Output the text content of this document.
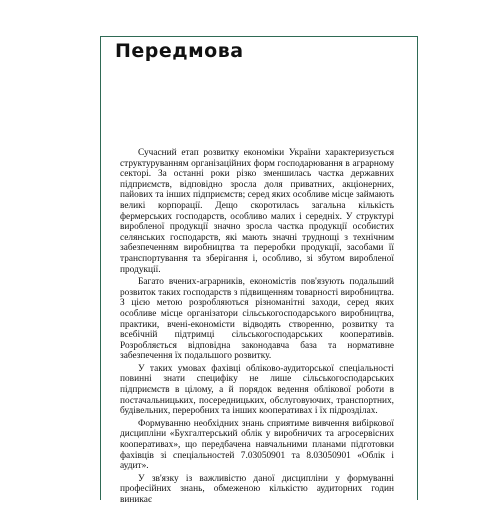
Передмова

Сучасний етап розвитку економіки України характеризується структуруванням організаційних форм господарювання в аграрному секторі. За останні роки різко зменшилась частка державних підприємств, відповідно зросла доля приватних, акціонерних, пайових та інших підприємств; серед яких особливе місце займають великі корпорації. Дещо скоротилась загальна кількість фермерських господарств, особливо малих і середніх. У структурі виробленої продукції значно зросла частка продукції особистих селянських господарств, які мають значні труднощі з технічним забезпеченням виробництва та переробки продукції, засобами її транспортування та зберігання і, особливо, зі збутом виробленої продукції.

Багато вчених-аграрників, економістів пов'язують подальший розвиток таких господарств з підвищенням товарності виробництва. З цією метою розробляються різноманітні заходи, серед яких особливе місце організатори сільськогосподарського виробництва, практики, вчені-економісти відводять створенню, розвитку та всебічній підтримці сільськогосподарських кооперативів. Розробляється відповідна законодавча база та нормативне забезпечення їх подальшого розвитку.

У таких умовах фахівці обліково-аудиторської спеціальності повинні знати специфіку не лише сільськогосподарських підприємств в цілому, а й порядок ведення облікової роботи в постачальницьких, посередницьких, обслуговуючих, транспортних, будівельних, переробних та інших кооперативах і їх підрозділах.

Формуванню необхідних знань сприятиме вивчення вибіркової дисципліни «Бухгалтерський облік у виробничих та агросервісних кооперативах», що передбачена навчальними планами підготовки фахівців зі спеціальностей 7.03050901 та 8.03050901 «Облік і аудит».

У зв'язку із важливістю даної дисципліни у формуванні професійних знань, обмеженою кількістю аудиторних годин виникає
